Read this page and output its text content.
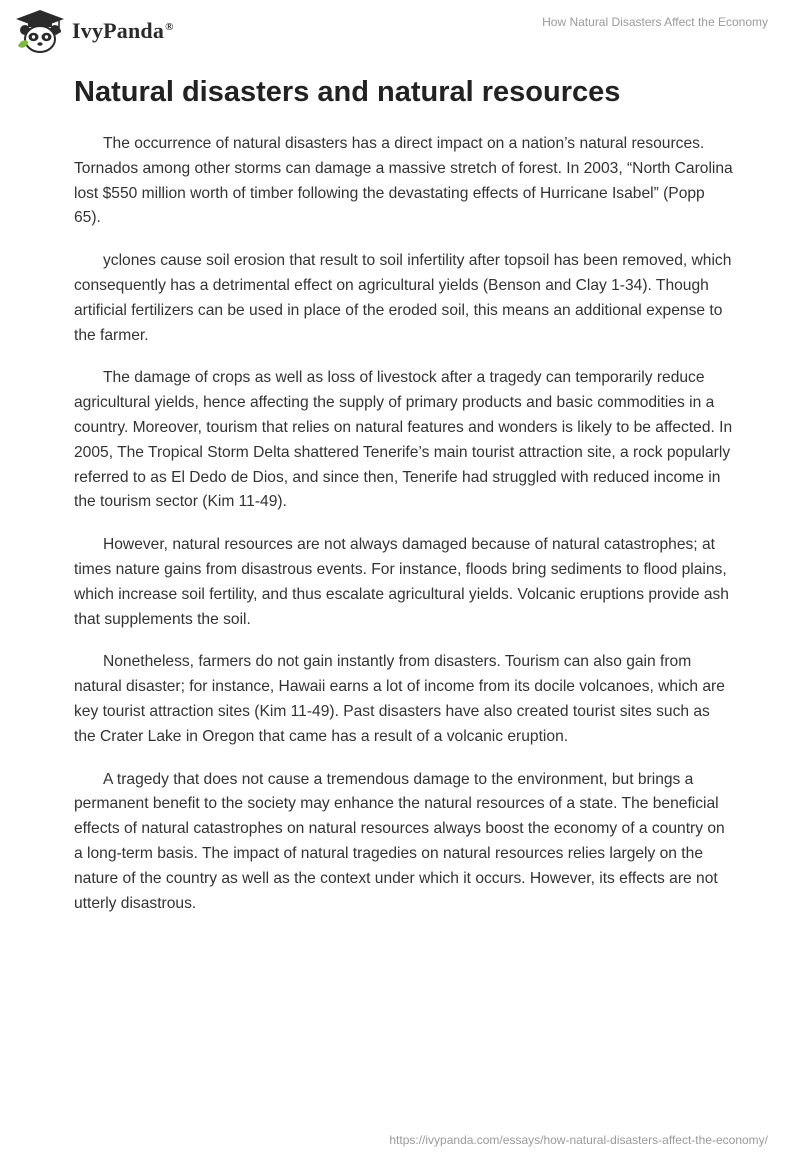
IvyPanda®	How Natural Disasters Affect the Economy
Natural disasters and natural resources

The occurrence of natural disasters has a direct impact on a nation’s natural resources. Tornados among other storms can damage a massive stretch of forest. In 2003, “North Carolina lost $550 million worth of timber following the devastating effects of Hurricane Isabel” (Popp 65).

yclones cause soil erosion that result to soil infertility after topsoil has been removed, which consequently has a detrimental effect on agricultural yields (Benson and Clay 1-34). Though artificial fertilizers can be used in place of the eroded soil, this means an additional expense to the farmer.

The damage of crops as well as loss of livestock after a tragedy can temporarily reduce agricultural yields, hence affecting the supply of primary products and basic commodities in a country. Moreover, tourism that relies on natural features and wonders is likely to be affected. In 2005, The Tropical Storm Delta shattered Tenerife’s main tourist attraction site, a rock popularly referred to as El Dedo de Dios, and since then, Tenerife had struggled with reduced income in the tourism sector (Kim 11-49).

However, natural resources are not always damaged because of natural catastrophes; at times nature gains from disastrous events. For instance, floods bring sediments to flood plains, which increase soil fertility, and thus escalate agricultural yields. Volcanic eruptions provide ash that supplements the soil.

Nonetheless, farmers do not gain instantly from disasters. Tourism can also gain from natural disaster; for instance, Hawaii earns a lot of income from its docile volcanoes, which are key tourist attraction sites (Kim 11-49). Past disasters have also created tourist sites such as the Crater Lake in Oregon that came has a result of a volcanic eruption.

A tragedy that does not cause a tremendous damage to the environment, but brings a permanent benefit to the society may enhance the natural resources of a state. The beneficial effects of natural catastrophes on natural resources always boost the economy of a country on a long-term basis. The impact of natural tragedies on natural resources relies largely on the nature of the country as well as the context under which it occurs. However, its effects are not utterly disastrous.

https://ivypanda.com/essays/how-natural-disasters-affect-the-economy/
